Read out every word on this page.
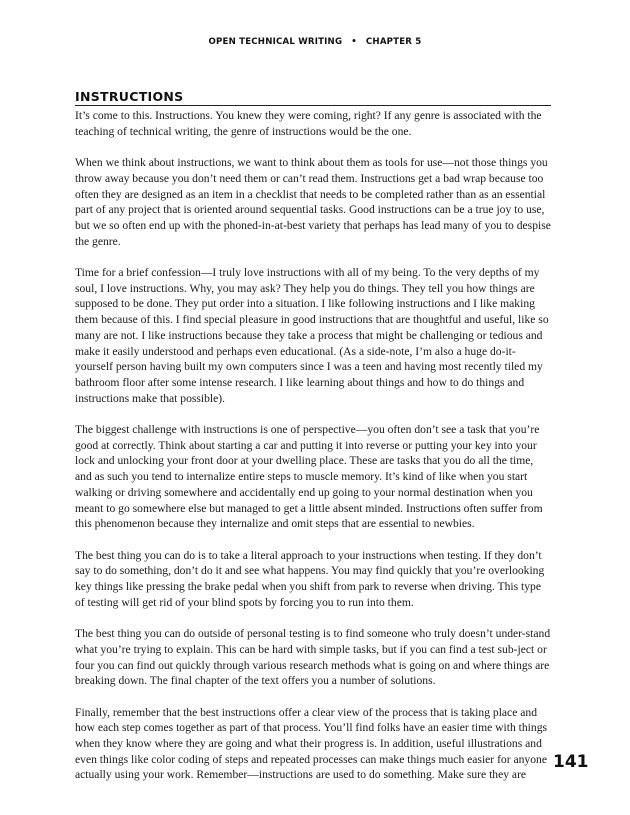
OPEN TECHNICAL WRITING • CHAPTER 5
INSTRUCTIONS

It’s come to this. Instructions. You knew they were coming, right? If any genre is associated with the teaching of technical writing, the genre of instructions would be the one.

When we think about instructions, we want to think about them as tools for use—not those things you throw away because you don’t need them or can’t read them. Instructions get a bad wrap because too often they are designed as an item in a checklist that needs to be completed rather than as an essential part of any project that is oriented around sequential tasks. Good instructions can be a true joy to use, but we so often end up with the phoned-in-at-best variety that perhaps has lead many of you to despise the genre.

Time for a brief confession—I truly love instructions with all of my being. To the very depths of my soul, I love instructions. Why, you may ask? They help you do things. They tell you how things are supposed to be done. They put order into a situation. I like following instructions and I like making them because of this. I find special pleasure in good instructions that are thoughtful and useful, like so many are not. I like instructions because they take a process that might be challenging or tedious and make it easily understood and perhaps even educational. (As a side-note, I’m also a huge do-it-yourself person having built my own computers since I was a teen and having most recently tiled my bathroom floor after some intense research. I like learning about things and how to do things and instructions make that possible).

The biggest challenge with instructions is one of perspective—you often don’t see a task that you’re good at correctly. Think about starting a car and putting it into reverse or putting your key into your lock and unlocking your front door at your dwelling place. These are tasks that you do all the time, and as such you tend to internalize entire steps to muscle memory. It’s kind of like when you start walking or driving somewhere and accidentally end up going to your normal destination when you meant to go somewhere else but managed to get a little absent minded. Instructions often suffer from this phenomenon because they internalize and omit steps that are essential to newbies.

The best thing you can do is to take a literal approach to your instructions when testing. If they don’t say to do something, don’t do it and see what happens. You may find quickly that you’re overlooking key things like pressing the brake pedal when you shift from park to reverse when driving. This type of testing will get rid of your blind spots by forcing you to run into them.

The best thing you can do outside of personal testing is to find someone who truly doesn’t under-stand what you’re trying to explain. This can be hard with simple tasks, but if you can find a test sub-ject or four you can find out quickly through various research methods what is going on and where things are breaking down. The final chapter of the text offers you a number of solutions.

Finally, remember that the best instructions offer a clear view of the process that is taking place and how each step comes together as part of that process. You’ll find folks have an easier time with things when they know where they are going and what their progress is. In addition, useful illustrations and even things like color coding of steps and repeated processes can make things much easier for anyone actually using your work. Remember—instructions are used to do something. Make sure they are

141
